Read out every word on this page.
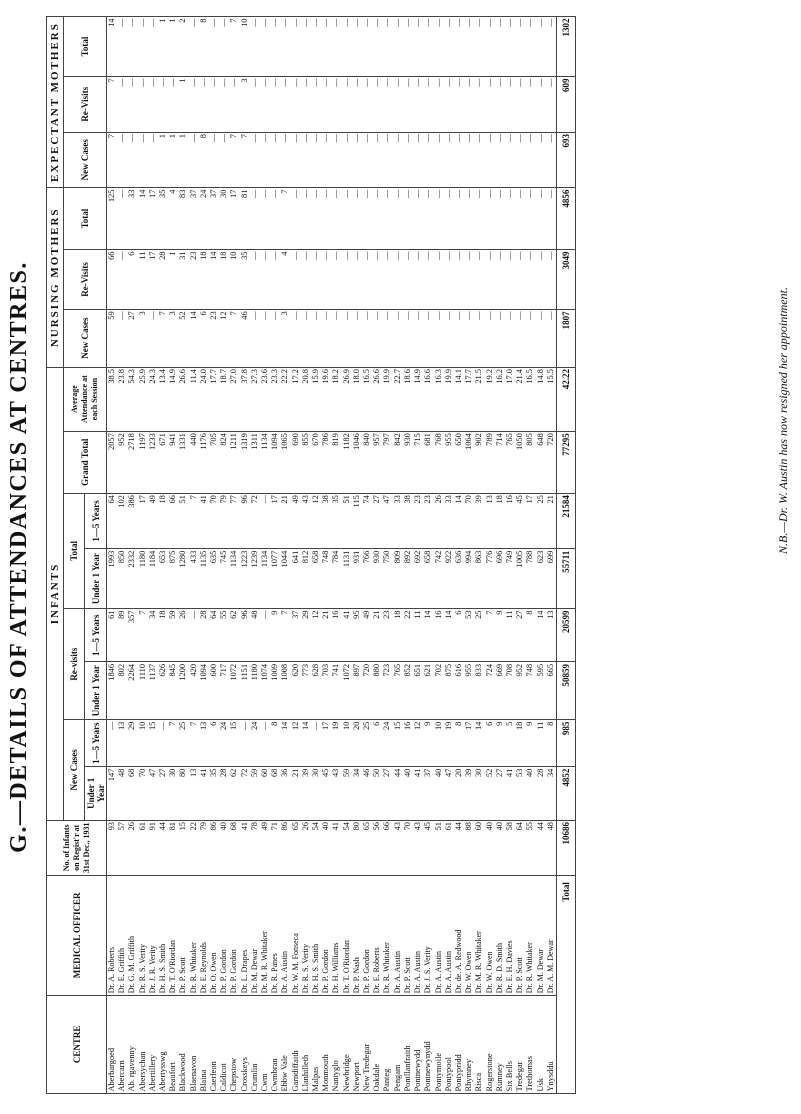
G.—DETAILS OF ATTENDANCES AT CENTRES.
CENTRE	MEDICAL OFFICER	No. of Infants on Regist'r at 31st Dec., 1931	INFANTS								NURSING MOTHERS			EXPECTANT MOTHERS		
			New Cases		Re-visits		Total		Grand Total	Average Attendance at each Session	New Cases	Re-Visits	Total	New Cases	Re-Visits	Total
			Under 1 Year	1—5 Years	Under 1 Year	1—5 Years	Under 1 Year	1—5 Years								
Aberbargoed	Dr. A. Roberts	93	147	—	1846	61	1993	64	2057	38.5	59	66	125	7	7	14
Abercarn	Dr. E. Griffith	57	48	13	802	89	850	102	952	23.8	—	—	—	—	—	—
Ab. rgavenny	Dr. G. M. Griffith	26	68	29	2264	357	2332	386	2718	54.3	27	6	33	—	—	—
Abersychan	Dr. R. S. Verity	61	70	10	1110	7	1180	17	1197	25.9	3	11	14	—	—	—
Abertillery	Dr. J. R. Verity	91	47	15	1137	34	1184	49	1233	24.3	—	17	17	—	—	—
Abertysswg	Dr. H. S. Smith	44	27	—	626	18	653	18	671	13.4	7	28	35	1	—	1
Beaufort	Dr. T. O'Riordan	81	30	7	845	59	875	66	941	14.9	3	1	4	1	—	1
Blackwood	Dr. P. Scott	15	80	25	1200	26	1280	51	1331	26.6	52	31	83	1	1	2
Blaenavon	Dr. R. Whitaker	22	13	7	420	—	433	7	440	11.4	14	23	37	—	—	—
Blaina	Dr. E. Reynolds	79	41	13	1094	28	1135	41	1176	24.0	6	18	24	8	—	8
Caerleon	Dr. O. Owen	86	35	6	600	64	635	70	705	17.7	23	14	37	—	—	—
Caldicot	Dr. P. Gordon	40	28	24	717	55	745	79	824	18.7	12	18	30	—	—	—
Chepstow	Dr. P. Gordon	68	62	15	1072	62	1134	77	1211	27.0	7	10	17	7	—	7
Crosskeys	Dr. L. Drapes	41	72	—	1151	96	1223	96	1319	37.8	46	35	81	7	3	10
Crumlin	Dr. M. Dewar	78	59	24	1180	48	1239	72	1311	27.3	—	—	—	—	—	—
Cwm	Dr. M. R. Whitaker	49	60	—	1074	—	1134	—	1134	23.6	—	—	—	—	—	—
Cwmbran	Dr. R. Panes	71	68	8	1009	9	1077	17	1094	23.3	—	—	—	—	—	—
Ebbw Vale	Dr. A. Austin	86	36	14	1008	7	1044	21	1065	22.2	3	4	7	—	—	—
Garndiffaith	Dr. W. M. Fonseca	65	21	12	620	37	641	49	690	17.2	—	—	—	—	—	—
Llanhilleth	Dr. R. S. Verity	26	39	14	773	29	812	43	855	20.8	—	—	—	—	—	—
Malpas	Dr. H. S. Smith	54	30	—	628	12	658	12	670	15.9	—	—	—	—	—	—
Monmouth	Dr. P. Gordon	40	45	17	703	21	748	38	786	19.6	—	—	—	—	—	—
Nantyglo	Dr. H. Williams	41	43	19	741	16	784	35	819	18.2	—	—	—	—	—	—
Newbridge	Dr. T. O'Riordan	54	59	10	1072	41	1131	51	1182	26.9	—	—	—	—	—	—
Newport	Dr. P. Nash	80	34	20	897	95	931	115	1046	18.0	—	—	—	—	—	—
New Tredegar	Dr. P. Gordon	65	46	25	720	49	766	74	840	16.5	—	—	—	—	—	—
Oakdale	Dr. E. Roberts	56	50	6	880	21	930	27	957	26.6	—	—	—	—	—	—
Panteg	Dr. R. Whitaker	66	27	24	723	23	750	47	797	19.9	—	—	—	—	—	—
Pengam	Dr. A. Austin	43	44	15	765	18	809	33	842	22.7	—	—	—	—	—	—
Pontllanfraith	Dr. P. Scott	70	40	16	852	22	892	38	930	18.6	—	—	—	—	—	—
Pontnewydd	Dr. A. Austin	43	41	12	651	11	692	23	715	14.9	—	—	—	—	—	—
Pontnewynydd	Dr. J. S. Verity	45	37	9	621	14	658	23	681	16.6	—	—	—	—	—	—
Pontymoile	Dr. A. Austin	51	40	10	702	16	742	26	768	16.3	—	—	—	—	—	—
Pontypool	Dr. A. Austin	61	47	19	875	14	922	33	955	19.9	—	—	—	—	—	—
Pontypridd	Dr. de. A. Redwood	44	20	8	616	6	636	14	650	14.1	—	—	—	—	—	—
Rhymney	Dr. W. Owen	88	39	17	955	53	994	70	1064	17.7	—	—	—	—	—	—
Risca	Dr. M. R. Whitaker	60	30	14	833	25	863	39	902	21.5	—	—	—	—	—	—
Rogerstone	Dr. W. Owen	40	52	6	724	7	776	13	789	19.2	—	—	—	—	—	—
Rumney	Dr. R. D. Smith	40	27	9	669	9	696	18	714	16.2	—	—	—	—	—	—
Six Bells	Dr. E. H. Davies	58	41	5	708	11	749	16	765	17.0	—	—	—	—	—	—
Tredegar	Dr. P. Scott	64	53	18	952	27	1005	45	1050	21.4	—	—	—	—	—	—
Trethomas	Dr. R. Whitaker	55	40	9	748	8	788	17	805	16.5	—	—	—	—	—	—
Usk	Dr. M. Dewar	44	28	11	595	14	623	25	648	14.8	—	—	—	—	—	—
Ynysddu	Dr. A. M. Dewar	48	34	8	665	13	699	21	720	15.5	—	—	—	—	—	—
Total		10686	4852	985	50859	20599	55711	21584	77295	42.22	1807	3049	4856	693	609	1302
N.B.—Dr. W. Austin has now resigned her appointment.
